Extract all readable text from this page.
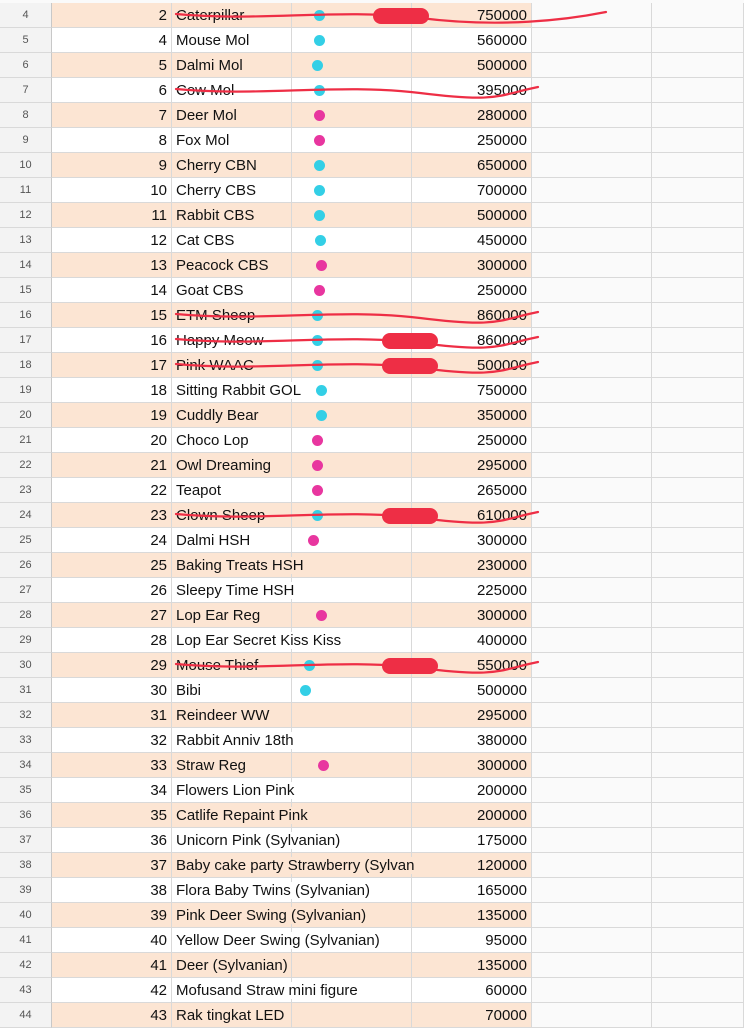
4	2 Caterpillar	750000
5	4 Mouse Mol	560000
6	5 Dalmi Mol	500000
7	6 Cow Mol	395000
8	7 Deer Mol	280000
9	8 Fox Mol	250000
10	9 Cherry CBN	650000
11	10 Cherry CBS	700000
12	11 Rabbit CBS	500000
13	12 Cat CBS	450000
14	13 Peacock CBS	300000
15	14 Goat CBS	250000
16	15 ETM Sheep	860000
17	16 Happy Meow	860000
18	17 Pink WAAC	500000
19	18 Sitting Rabbit GOL	750000
20	19 Cuddly Bear	350000
21	20 Choco Lop	250000
22	21 Owl Dreaming	295000
23	22 Teapot	265000
24	23 Clown Sheep	610000
25	24 Dalmi HSH	300000
26	25 Baking Treats HSH	230000
27	26 Sleepy Time HSH	225000
28	27 Lop Ear Reg	300000
29	28 Lop Ear Secret Kiss Kiss	400000
30	29 Mouse Thief	550000
31	30 Bibi	500000
32	31 Reindeer WW	295000
33	32 Rabbit Anniv 18th	380000
34	33 Straw Reg	300000
35	34 Flowers Lion Pink	200000
36	35 Catlife Repaint Pink	200000
37	36 Unicorn Pink (Sylvanian)	175000
38	37 Baby cake party Strawberry (Sylvan	120000
39	38 Flora Baby Twins (Sylvanian)	165000
40	39 Pink Deer Swing (Sylvanian)	135000
41	40 Yellow Deer Swing (Sylvanian)	95000
42	41 Deer (Sylvanian)	135000
43	42 Mofusand Straw mini figure	60000
44	43 Rak tingkat LED	70000
